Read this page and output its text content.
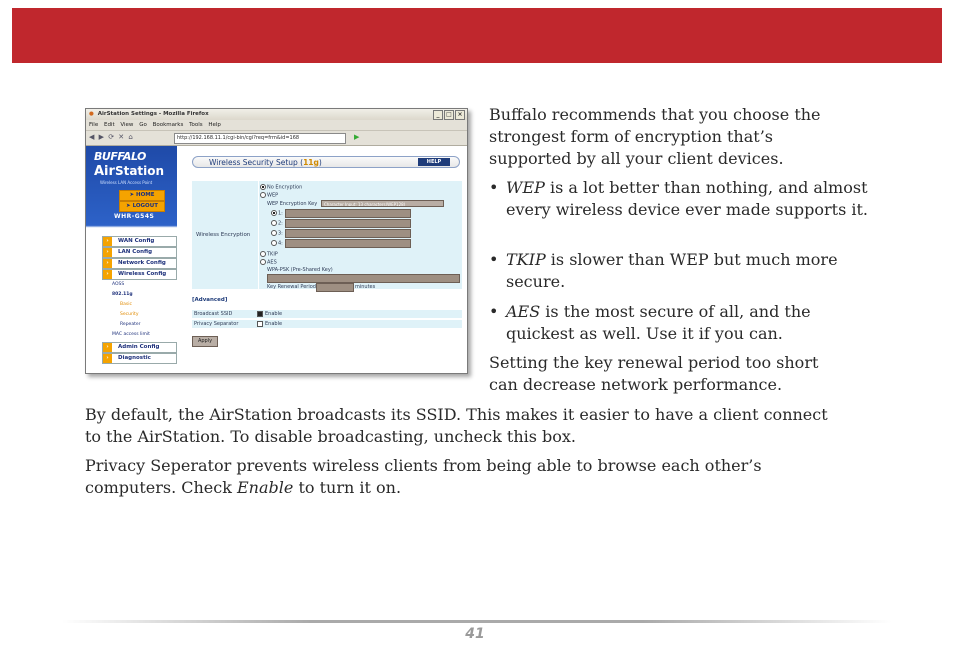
● AirStation Settings - Mozilla Firefox	_ □ ×
File Edit View Go Bookmarks Tools Help
◀ ▶ ⟳ ✕ ⌂	http://192.168.11.1/cgi-bin/cgi?req=frm&id=168	▶
BUFFALO
AirStation
Wireless LAN Access Point
➤ HOME
➤ LOGOUT
WHR-G54S
› WAN Config
› LAN Config
› Network Config
› Wireless Config
AOSS
802.11g
Basic
Security
Repeater
MAC access limit
› Admin Config
› Diagnostic
Wireless Security Setup (11g)	HELP
Wireless Encryption
No Encryption
WEP
WEP Encryption Key	Character Input: 13 characters(WEP128)
1:
2:
3:
4:
TKIP
AES
WPA-PSK (Pre-Shared Key)
Key Renewal Period	minutes
[Advanced]
Broadcast SSID	Enable
Privacy Separator	Enable
Apply

Buffalo recommends that you choose the strongest form of encryption that’s supported by all your client devices.

• WEP is a lot better than nothing, and almost every wireless device ever made supports it.

• TKIP is slower than WEP but much more secure.

• AES is the most secure of all, and the quickest as well. Use it if you can.

Setting the key renewal period too short can decrease network performance.

By default, the AirStation broadcasts its SSID. This makes it easier to have a client connect to the AirStation. To disable broadcasting, uncheck this box.

Privacy Seperator prevents wireless clients from being able to browse each other’s computers. Check Enable to turn it on.

41
